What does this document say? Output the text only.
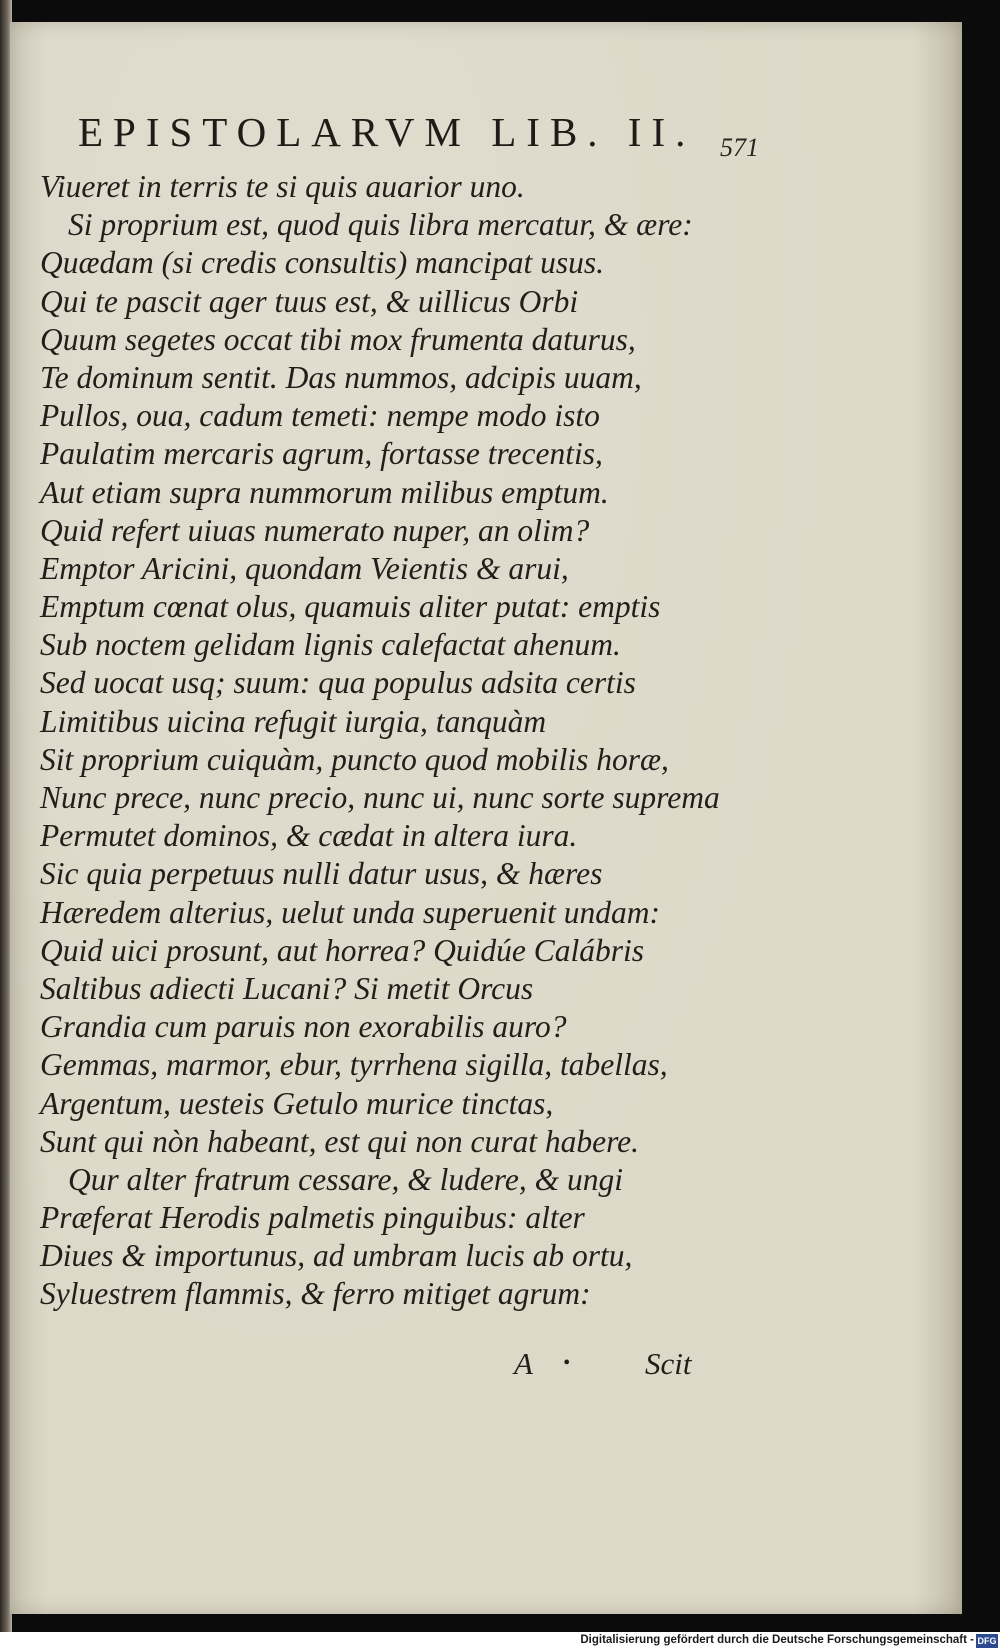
EPISTOLARVM LIB. II. 571
Viueret in terris te si quis auarior uno.
Si proprium est, quod quis libra mercatur, & ære:
Quædam (si credis consultis) mancipat usus.
Qui te pascit ager tuus est, & uillicus Orbi
Quum segetes occat tibi mox frumenta daturus,
Te dominum sentit. Das nummos, adcipis uuam,
Pullos, oua, cadum temeti: nempe modo isto
Paulatim mercaris agrum, fortasse trecentis,
Aut etiam supra nummorum milibus emptum.
Quid refert uiuas numerato nuper, an olim?
Emptor Aricini, quondam Veientis & arui,
Emptum cœnat olus, quamuis aliter putat: emptis
Sub noctem gelidam lignis calefactat ahenum.
Sed uocat usq; suum: qua populus adsita certis
Limitibus uicina refugit iurgia, tanquàm
Sit proprium cuiquàm, puncto quod mobilis horæ,
Nunc prece, nunc precio, nunc ui, nunc sorte suprema
Permutet dominos, & cædat in altera iura.
Sic quia perpetuus nulli datur usus, & hæres
Hæredem alterius, uelut unda superuenit undam:
Quid uici prosunt, aut horrea? Quidúe Calábris
Saltibus adiecti Lucani? Si metit Orcus
Grandia cum paruis non exorabilis auro?
Gemmas, marmor, ebur, tyrrhena sigilla, tabellas,
Argentum, uesteis Getulo murice tinctas,
Sunt qui nòn habeant, est qui non curat habere.
Qur alter fratrum cessare, & ludere, & ungi
Præferat Herodis palmetis pinguibus: alter
Diues & importunus, ad umbram lucis ab ortu,
Syluestrem flammis, & ferro mitiget agrum:
A • Scit
Digitalisierung gefördert durch die Deutsche Forschungsgemeinschaft - DFG
